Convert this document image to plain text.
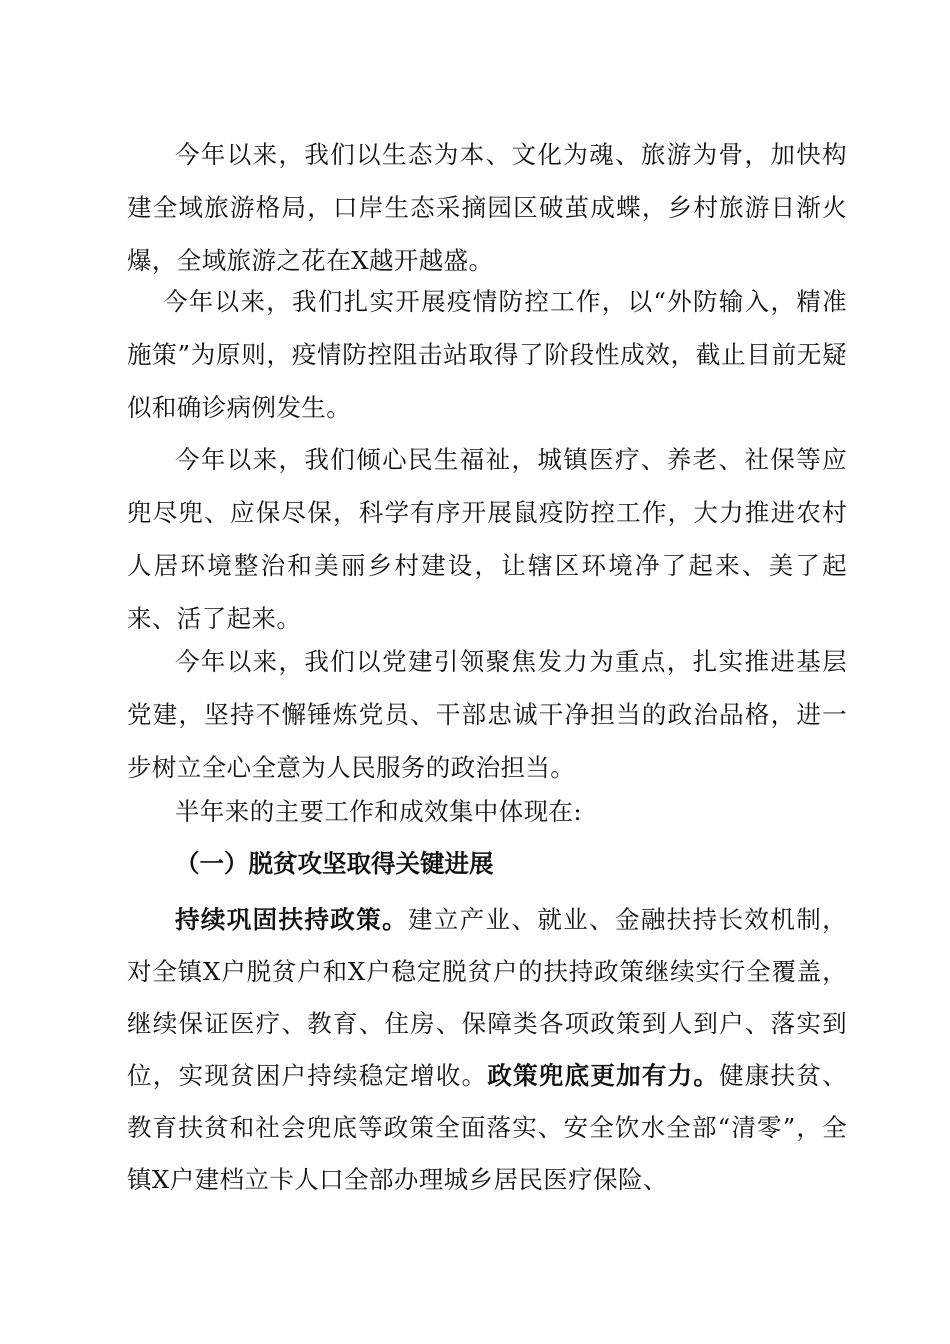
今年以来，我们以生态为本、文化为魂、旅游为骨，加快构建全域旅游格局，口岸生态采摘园区破茧成蝶，乡村旅游日渐火爆，全域旅游之花在X越开越盛。

今年以来，我们扎实开展疫情防控工作，以“外防输入，精准施策”为原则，疫情防控阻击站取得了阶段性成效，截止目前无疑似和确诊病例发生。

今年以来，我们倾心民生福祉，城镇医疗、养老、社保等应兜尽兜、应保尽保，科学有序开展鼠疫防控工作，大力推进农村人居环境整治和美丽乡村建设，让辖区环境净了起来、美了起来、活了起来。

今年以来，我们以党建引领聚焦发力为重点，扎实推进基层党建，坚持不懈锤炼党员、干部忠诚干净担当的政治品格，进一步树立全心全意为人民服务的政治担当。

半年来的主要工作和成效集中体现在:

（一）脱贫攻坚取得关键进展

持续巩固扶持政策。建立产业、就业、金融扶持长效机制，对全镇X户脱贫户和X户稳定脱贫户的扶持政策继续实行全覆盖，继续保证医疗、教育、住房、保障类各项政策到人到户、落实到位，实现贫困户持续稳定增收。政策兜底更加有力。健康扶贫、教育扶贫和社会兜底等政策全面落实、安全饮水全部“清零”，全镇X户建档立卡人口全部办理城乡居民医疗保险、
